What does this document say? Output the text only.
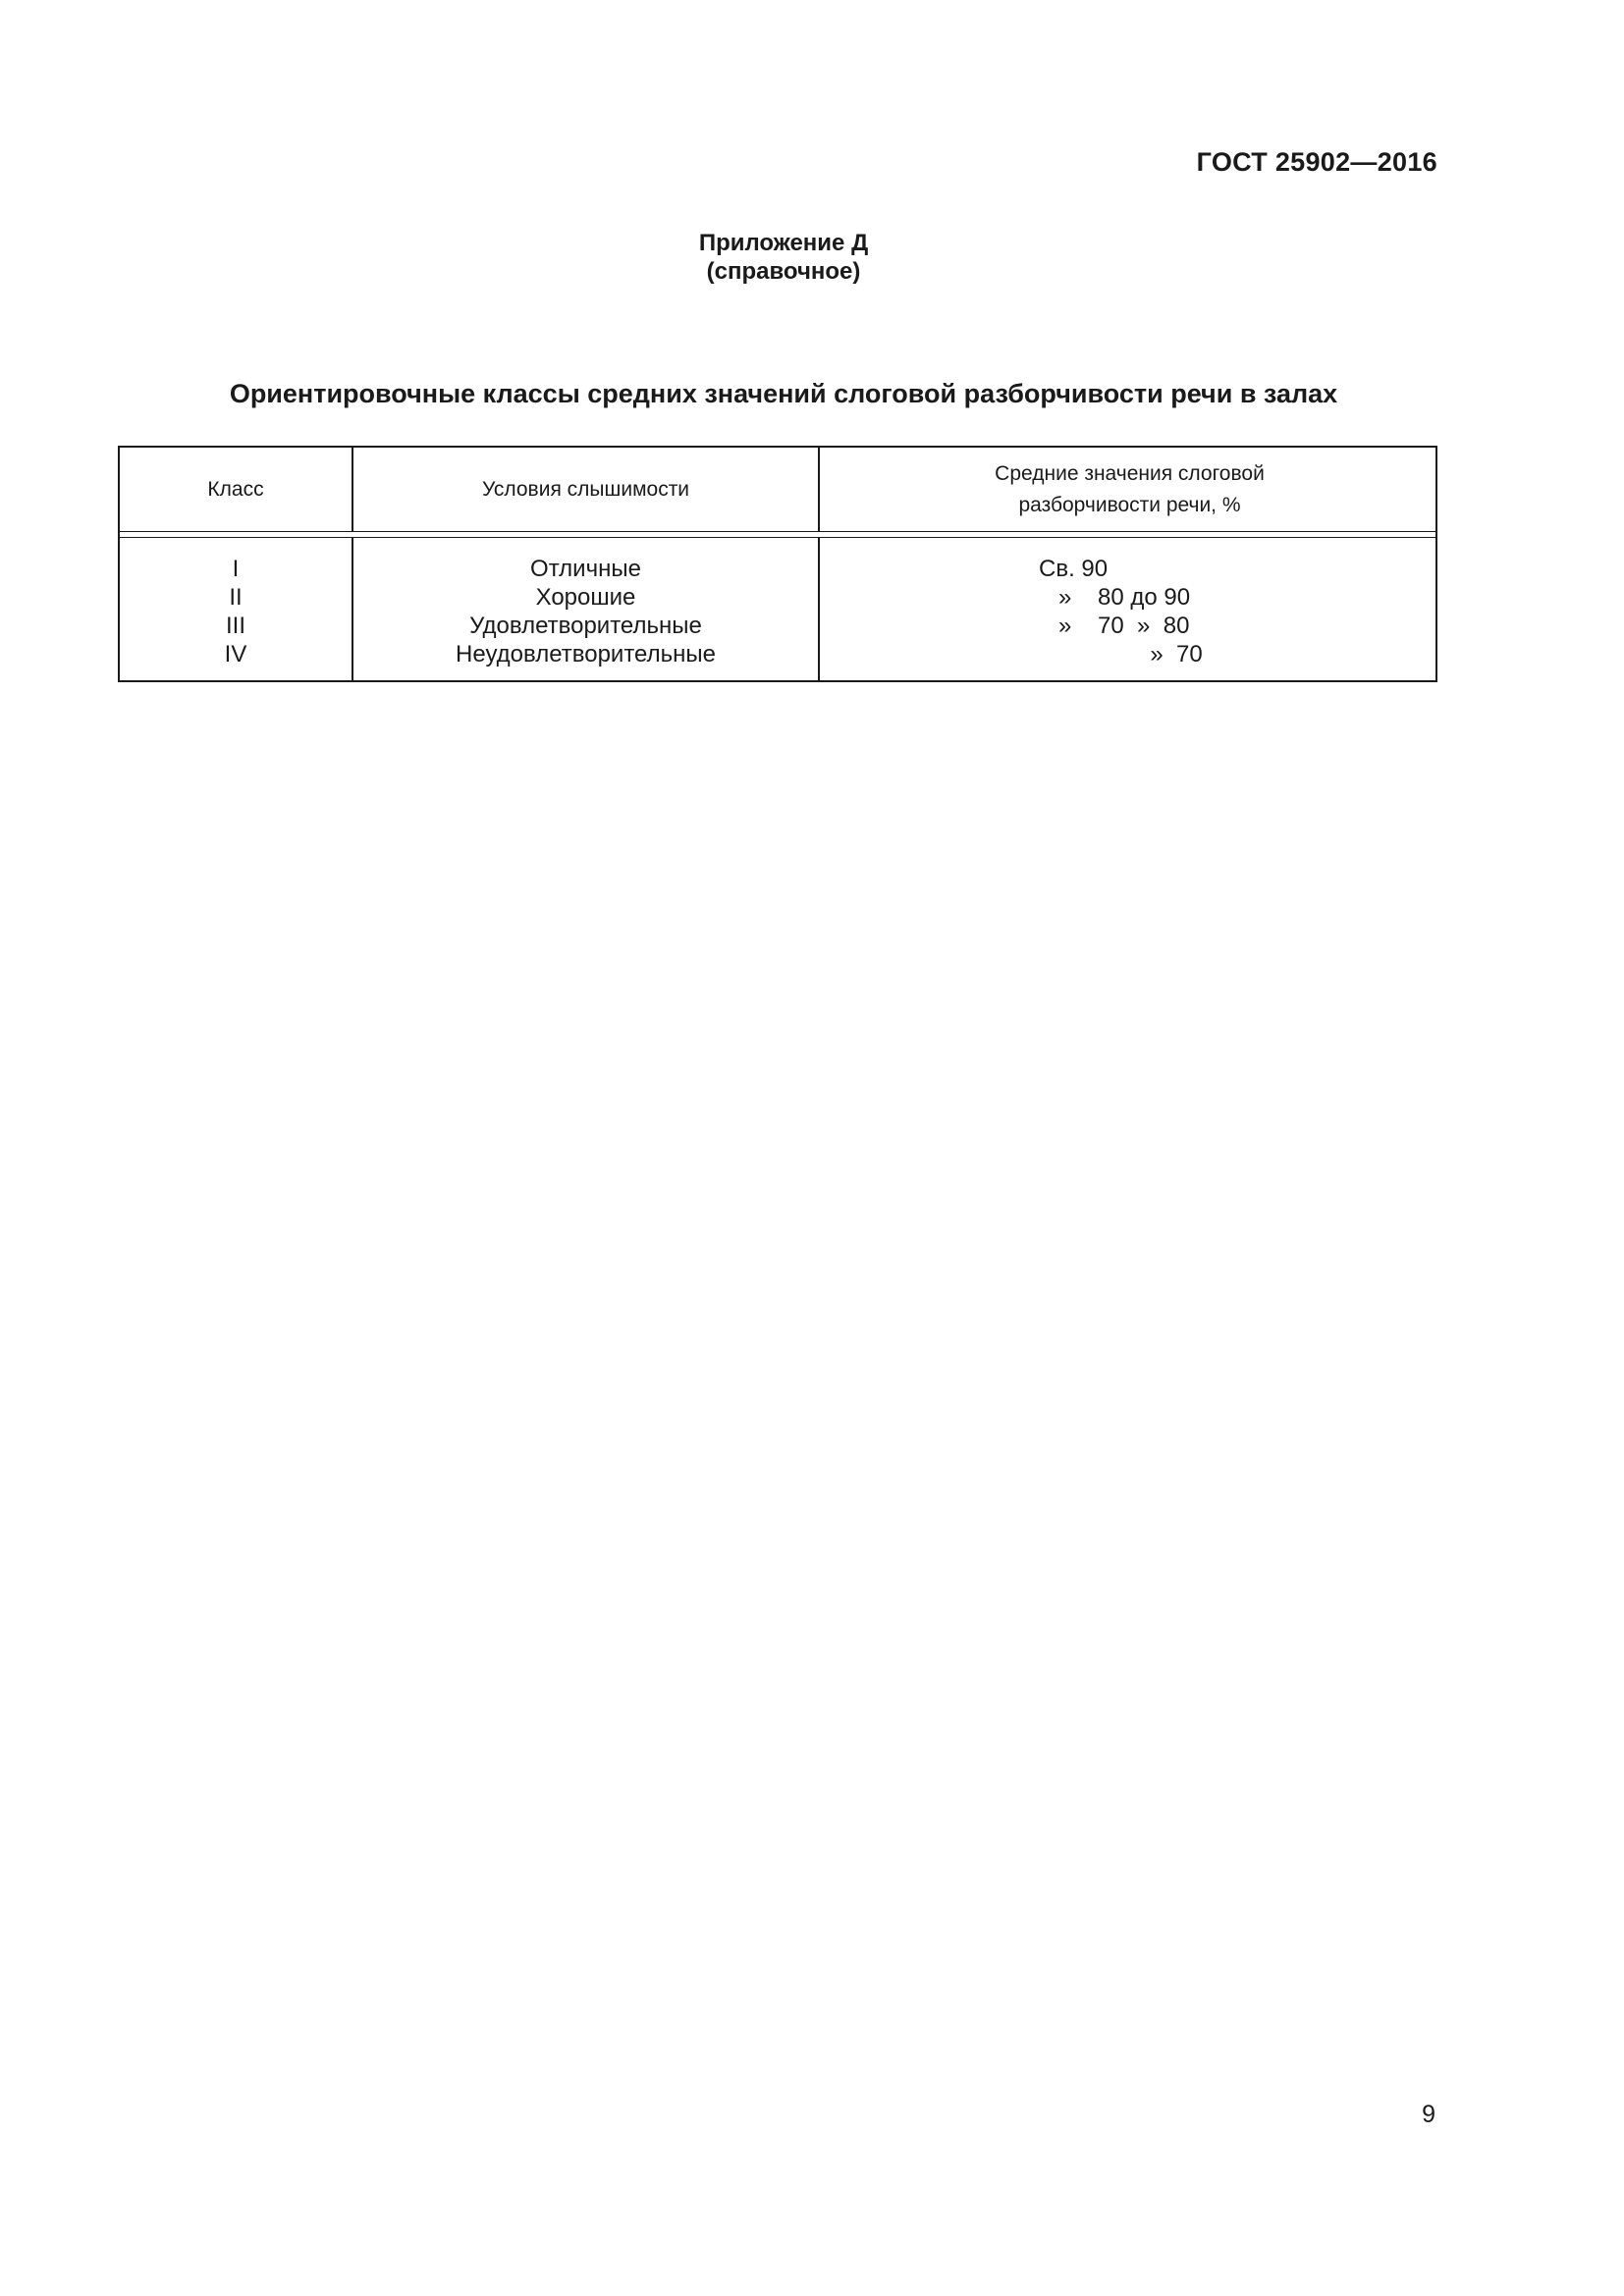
ГОСТ 25902—2016
Приложение Д
(справочное)
Ориентировочные классы средних значений слоговой разборчивости речи в залах
Класс	Условия слышимости
Средние значения слоговой
разборчивости речи, %
I
II
III
IV
Отличные
Хорошие
Удовлетворительные
Неудовлетворительные
Св. 90
»    80 до 90
»    70  »  80
»  70
9
